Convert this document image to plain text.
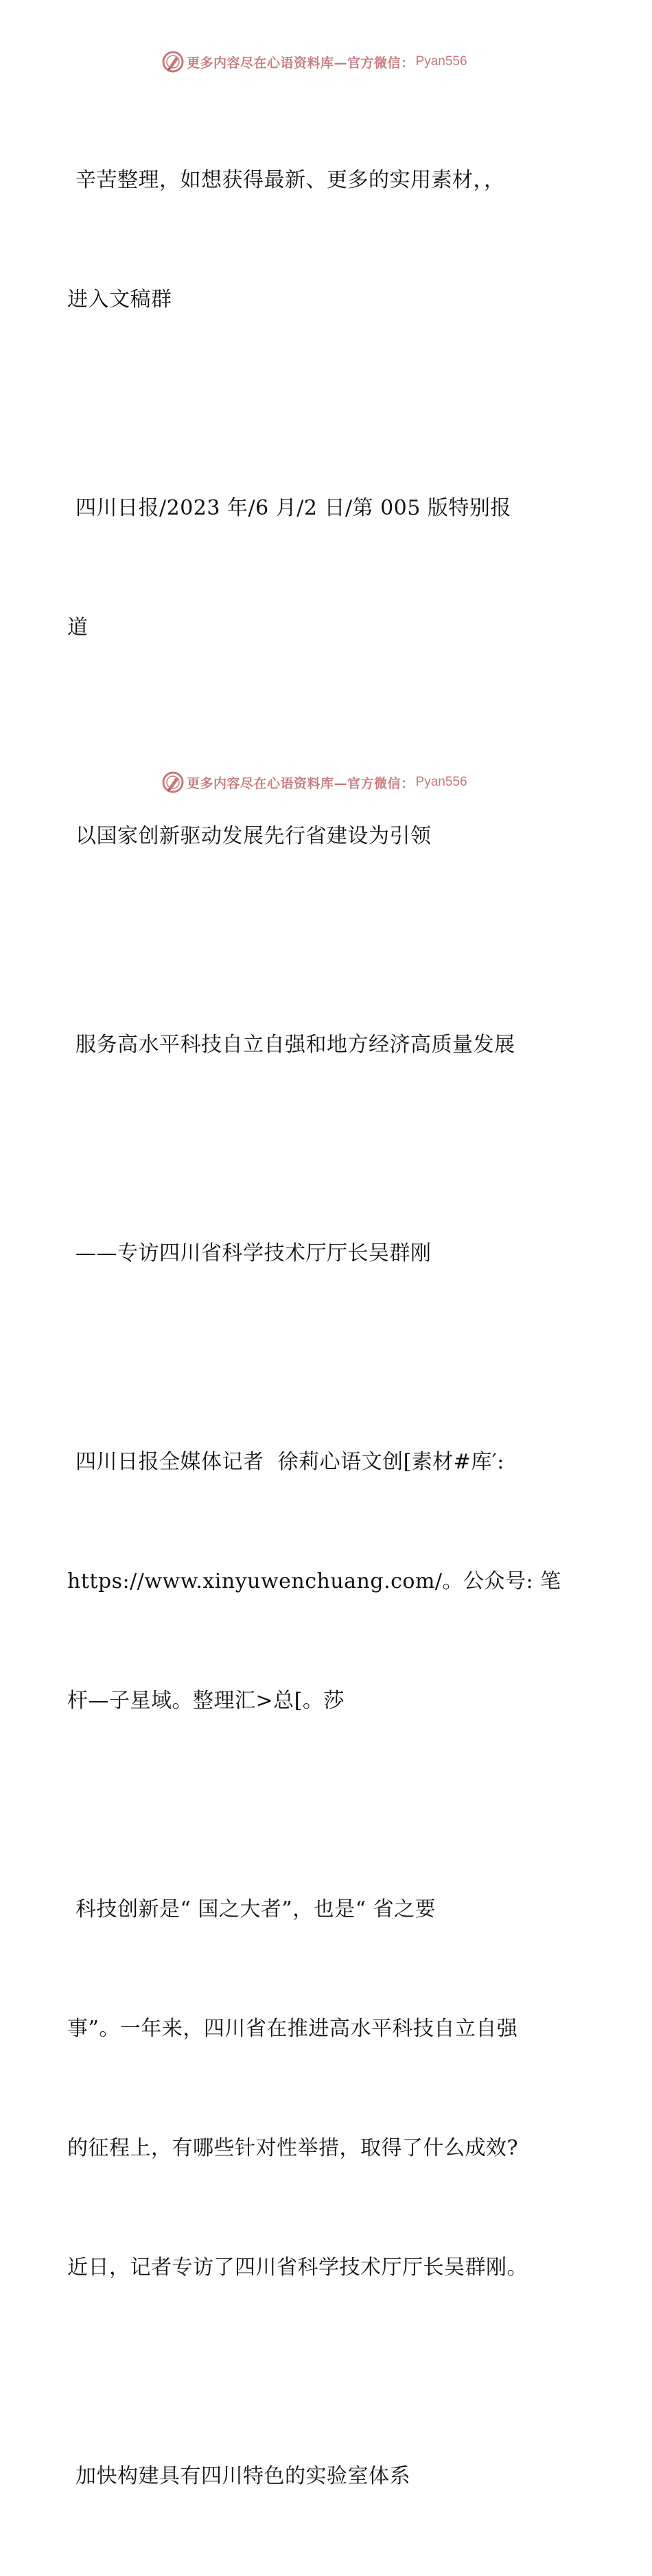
更多内容尽在心语资料库—官方微信： Pyan556

辛苦整理，如想获得最新、更多的实用素材，，

进入文稿群

四川日报/2023 年/6 月/2 日/第 005 版特别报

道

以国家创新驱动发展先行省建设为引领

服务高水平科技自立自强和地方经济高质量发展

——专访四川省科学技术厅厅长吴群刚

四川日报全媒体记者  徐莉心语文创[素材#库′:

https://www.xinyuwenchuang.com/。公众号: 笔

杆—子星域。整理汇>总[。莎

科技创新是“ 国之大者”，也是“ 省之要

事”。一年来，四川省在推进高水平科技自立自强

的征程上，有哪些针对性举措，取得了什么成效?

近日，记者专访了四川省科学技术厅厅长吴群刚。

加快构建具有四川特色的实验室体系

更多内容尽在心语资料库—官方微信： Pyan556
